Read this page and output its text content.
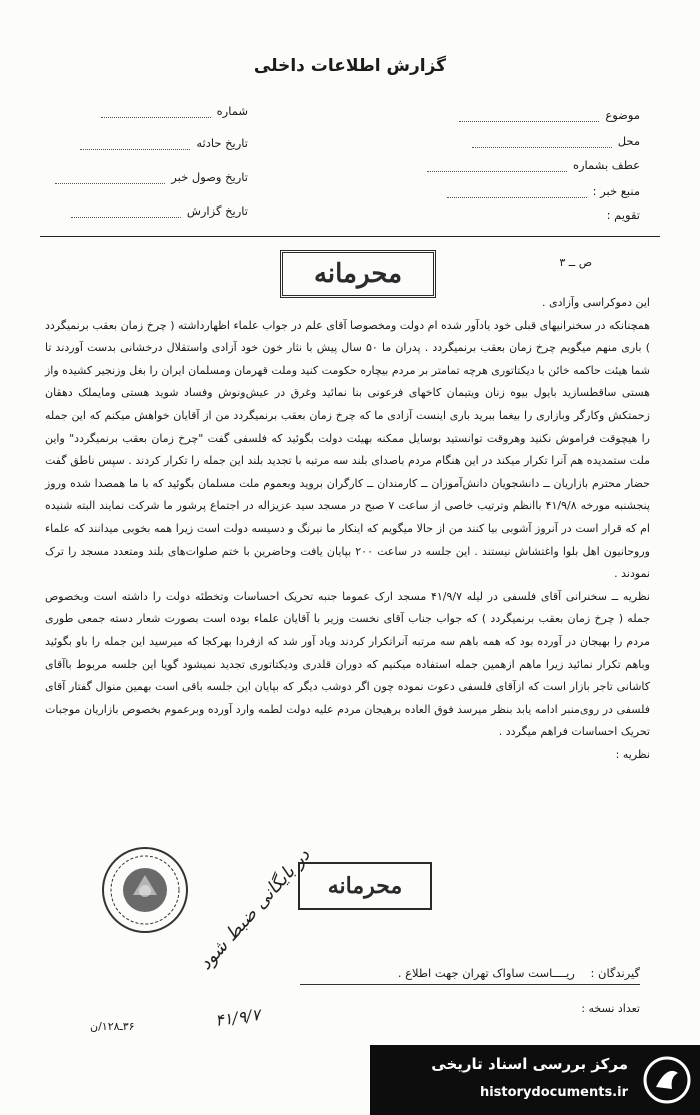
گزارش اطلاعات داخلی
موضوع
محل
عطف بشماره
منبع خبر :
تقویم :
شماره
تاریخ حادثه
تاریخ وصول خبر
تاریخ گزارش
محرمانه	ص ــ ۳

این دموکراسی وآزادی .

همچنانکه در سخنرانیهای قبلی خود یادآور شده ام دولت ومخصوصا آقای علم در جواب علماء اظهارداشته ( چرخ زمان بعقب برنمیگردد ) باری منهم میگویم چرخ زمان بعقب برنمیگردد . پدران ما ۵۰ سال پیش با نثار خون خود آزادی واستقلال درخشانی بدست آوردند تا شما هیئت حاکمه خائن با دیکتاتوری هرچه تمامتر بر مردم بیچاره حکومت کنید وملت قهرمان ومسلمان ایران را بغل وزنجیر کشیده واز هستی ساقطسازید بایول بیوه زنان ویتیمان کاخهای فرعونی بنا نمائید وغرق در عیش‌ونوش وفساد شوید هستی ومایملک دهقان زحمتکش وکارگر وبازاری را بیغما ببرید باری اینست آزادی ما که چرخ زمان بعقب برنمیگردد من از آقایان خواهش میکنم که این جمله را هیچوقت فراموش نکنید وهروقت توانستید بوسایل ممکنه بهیئت دولت بگوئید که فلسفی گفت "چرخ زمان بعقب برنمیگردد" واین ملت ستمدیده هم آنرا تکرار میکند در این هنگام مردم باصدای بلند سه مرتبه با تجدید بلند این جمله را تکرار کردند . سپس ناطق گفت حضار محترم بازاریان ــ دانشجویان دانش‌آموزان ــ کارمندان ــ کارگران بروید وبعموم ملت مسلمان بگوئید که با ما همصدا شده وروز پنجشنبه مورخه ۴۱/۹/۸ باانظم وترتیب خاصی از ساعت ۷ صبح در مسجد سید عزیزاله در اجتماع پرشور ما شرکت نمایند البته شنیده ام که قرار است در آنروز آشوبی بیا کنند من از حالا میگویم که اینکار ما نیرنگ و دسیسه دولت است زیرا همه بخوبی میدانند که علماء وروحانیون اهل بلوا واغتشاش نیستند . این جلسه در ساعت ۲۰۰ بپایان یافت وحاضرین با ختم صلوات‌های بلند ومتعدد مسجد را ترک نمودند .

نظریه ــ سخنرانی آقای فلسفی در لیله ۴۱/۹/۷ مسجد ارک عموما جنبه تحریک احساسات وتخطئه دولت را داشته است وبخصوص جمله ( چرخ زمان بعقب برنمیگردد ) که جواب جناب آقای نخست وزیر با آقایان علماء بوده است بصورت شعار دسته جمعی طوری مردم را بهیجان در آورده بود که همه باهم سه مرتبه آنراتکرار کردند ویاد آور شد که ازفردا بهرکجا که میرسید این جمله را باو بگوئید وباهم تکرار نمائید زیرا ماهم ازهمین جمله استفاده میکنیم که دوران قلدری ودیکتاتوری تجدید نمیشود گویا این جلسه مربوط باآقای کاشانی تاجر بازار است که ازآقای فلسفی دعوت نموده چون اگر دوشب دیگر که بپایان این جلسه باقی است بهمین منوال گفتار آقای فلسفی در روی‌منبر ادامه یابد بنظر میرسد فوق العاده برهیجان مردم علیه دولت لطمه وارد آورده وبرعموم بخصوص بازاریان موجبات تحریک احساسات فراهم میگردد .

نظریه :

محرمانه
گیرندگان : ریــــاست ساواک تهران جهت اطلاع .
تعداد نسخه :
در بایگانی ضبط شود
۴۱/۹/۷
۳۶ـ۱۲۸/ن
مرکز بررسی اسناد تاریخی
historydocuments.ir
